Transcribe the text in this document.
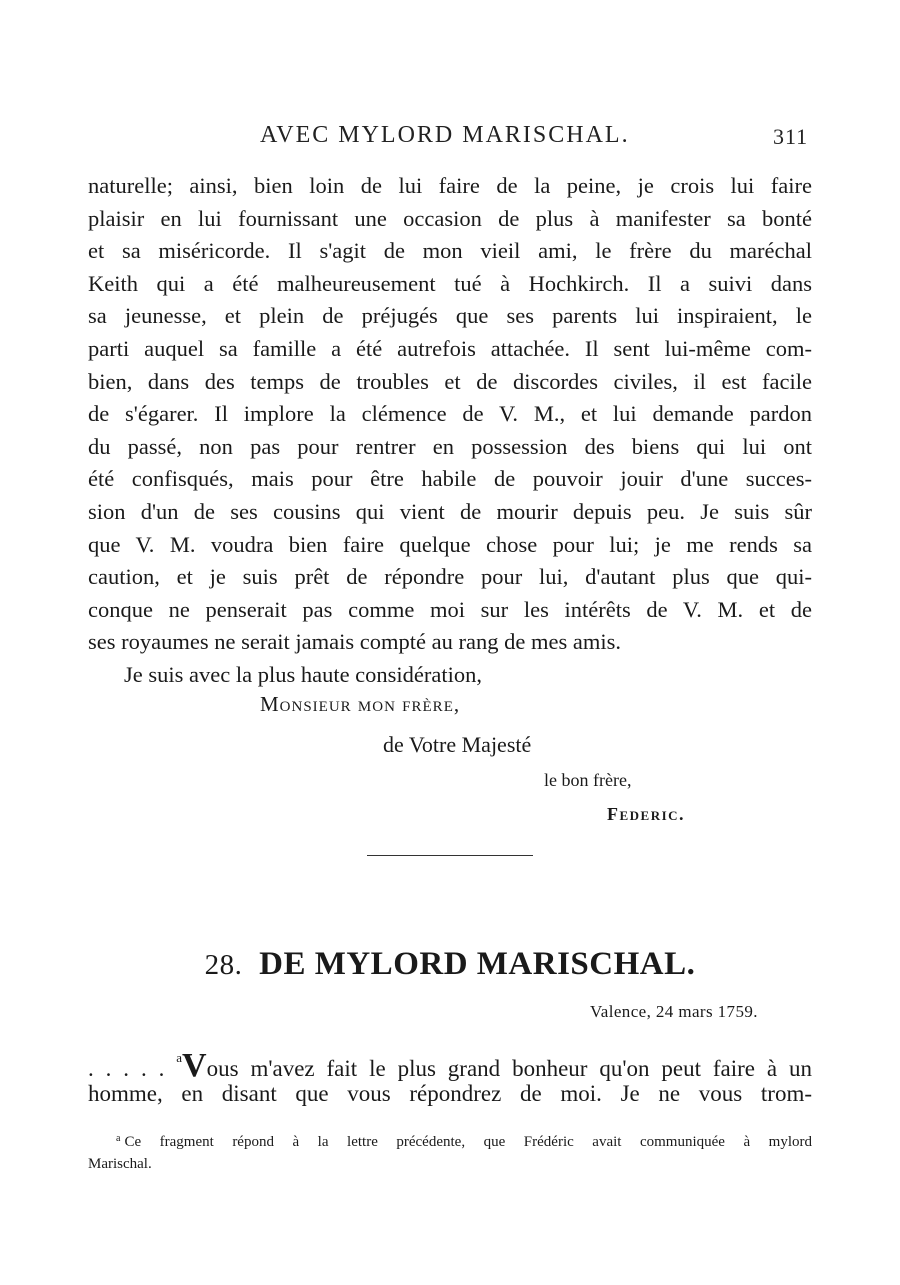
AVEC MYLORD MARISCHAL.	311
naturelle; ainsi, bien loin de lui faire de la peine, je crois lui faire
plaisir en lui fournissant une occasion de plus à manifester sa bonté
et sa miséricorde. Il s'agit de mon vieil ami, le frère du maréchal
Keith qui a été malheureusement tué à Hochkirch. Il a suivi dans
sa jeunesse, et plein de préjugés que ses parents lui inspiraient, le
parti auquel sa famille a été autrefois attachée. Il sent lui-même com-
bien, dans des temps de troubles et de discordes civiles, il est facile
de s'égarer. Il implore la clémence de V. M., et lui demande pardon
du passé, non pas pour rentrer en possession des biens qui lui ont
été confisqués, mais pour être habile de pouvoir jouir d'une succes-
sion d'un de ses cousins qui vient de mourir depuis peu. Je suis sûr
que V. M. voudra bien faire quelque chose pour lui; je me rends sa
caution, et je suis prêt de répondre pour lui, d'autant plus que qui-
conque ne penserait pas comme moi sur les intérêts de V. M. et de
ses royaumes ne serait jamais compté au rang de mes amis.
Je suis avec la plus haute considération,
Monsieur mon frère,
de Votre Majesté
le bon frère,
Federic.
28. DE MYLORD MARISCHAL.
Valence, 24 mars 1759.
. . . . . $^a$Vous m'avez fait le plus grand bonheur qu'on peut faire à un
homme, en disant que vous répondrez de moi. Je ne vous trom-
$^a$ Ce fragment répond à la lettre précédente, que Frédéric avait communiquée à mylord
Marischal.
